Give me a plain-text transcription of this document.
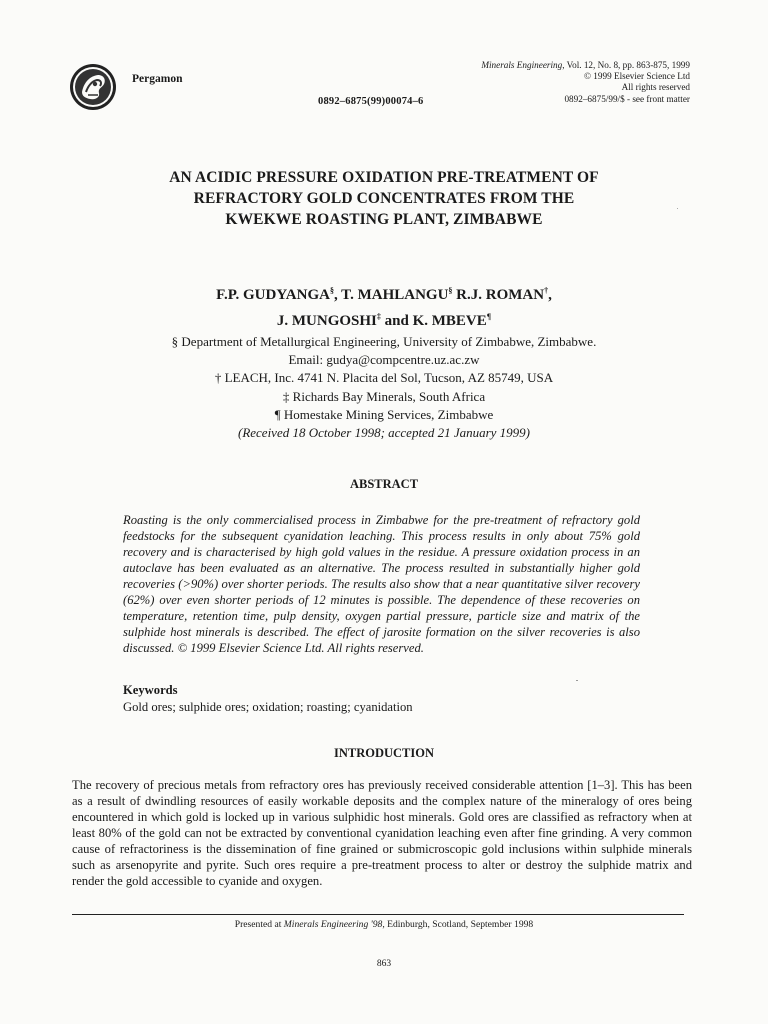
Pergamon
0892–6875(99)00074–6
Minerals Engineering, Vol. 12, No. 8, pp. 863-875, 1999
© 1999 Elsevier Science Ltd
All rights reserved
0892–6875/99/$ - see front matter
AN ACIDIC PRESSURE OXIDATION PRE-TREATMENT OF
REFRACTORY GOLD CONCENTRATES FROM THE
KWEKWE ROASTING PLANT, ZIMBABWE
F.P. GUDYANGA§, T. MAHLANGU§ R.J. ROMAN†,
J. MUNGOSHI‡ and K. MBEVE¶
§ Department of Metallurgical Engineering, University of Zimbabwe, Zimbabwe.
Email: gudya@compcentre.uz.ac.zw
† LEACH, Inc. 4741 N. Placita del Sol, Tucson, AZ 85749, USA
‡ Richards Bay Minerals, South Africa
¶ Homestake Mining Services, Zimbabwe
(Received 18 October 1998; accepted 21 January 1999)
ABSTRACT
Roasting is the only commercialised process in Zimbabwe for the pre-treatment of refractory gold feedstocks for the subsequent cyanidation leaching. This process results in only about 75% gold recovery and is characterised by high gold values in the residue. A pressure oxidation process in an autoclave has been evaluated as an alternative. The process resulted in substantially higher gold recoveries (>90%) over shorter periods. The results also show that a near quantitative silver recovery (62%) over even shorter periods of 12 minutes is possible. The dependence of these recoveries on temperature, retention time, pulp density, oxygen partial pressure, particle size and matrix of the sulphide host minerals is described. The effect of jarosite formation on the silver recoveries is also discussed. © 1999 Elsevier Science Ltd. All rights reserved.
Keywords
Gold ores; sulphide ores; oxidation; roasting; cyanidation
INTRODUCTION
The recovery of precious metals from refractory ores has previously received considerable attention [1–3]. This has been as a result of dwindling resources of easily workable deposits and the complex nature of the mineralogy of ores being encountered in which gold is locked up in various sulphidic host minerals. Gold ores are classified as refractory when at least 80% of the gold can not be extracted by conventional cyanidation leaching even after fine grinding. A very common cause of refractoriness is the dissemination of fine grained or submicroscopic gold inclusions within sulphide minerals such as arsenopyrite and pyrite. Such ores require a pre-treatment process to alter or destroy the sulphide matrix and render the gold accessible to cyanide and oxygen.
Presented at Minerals Engineering '98, Edinburgh, Scotland, September 1998
863
